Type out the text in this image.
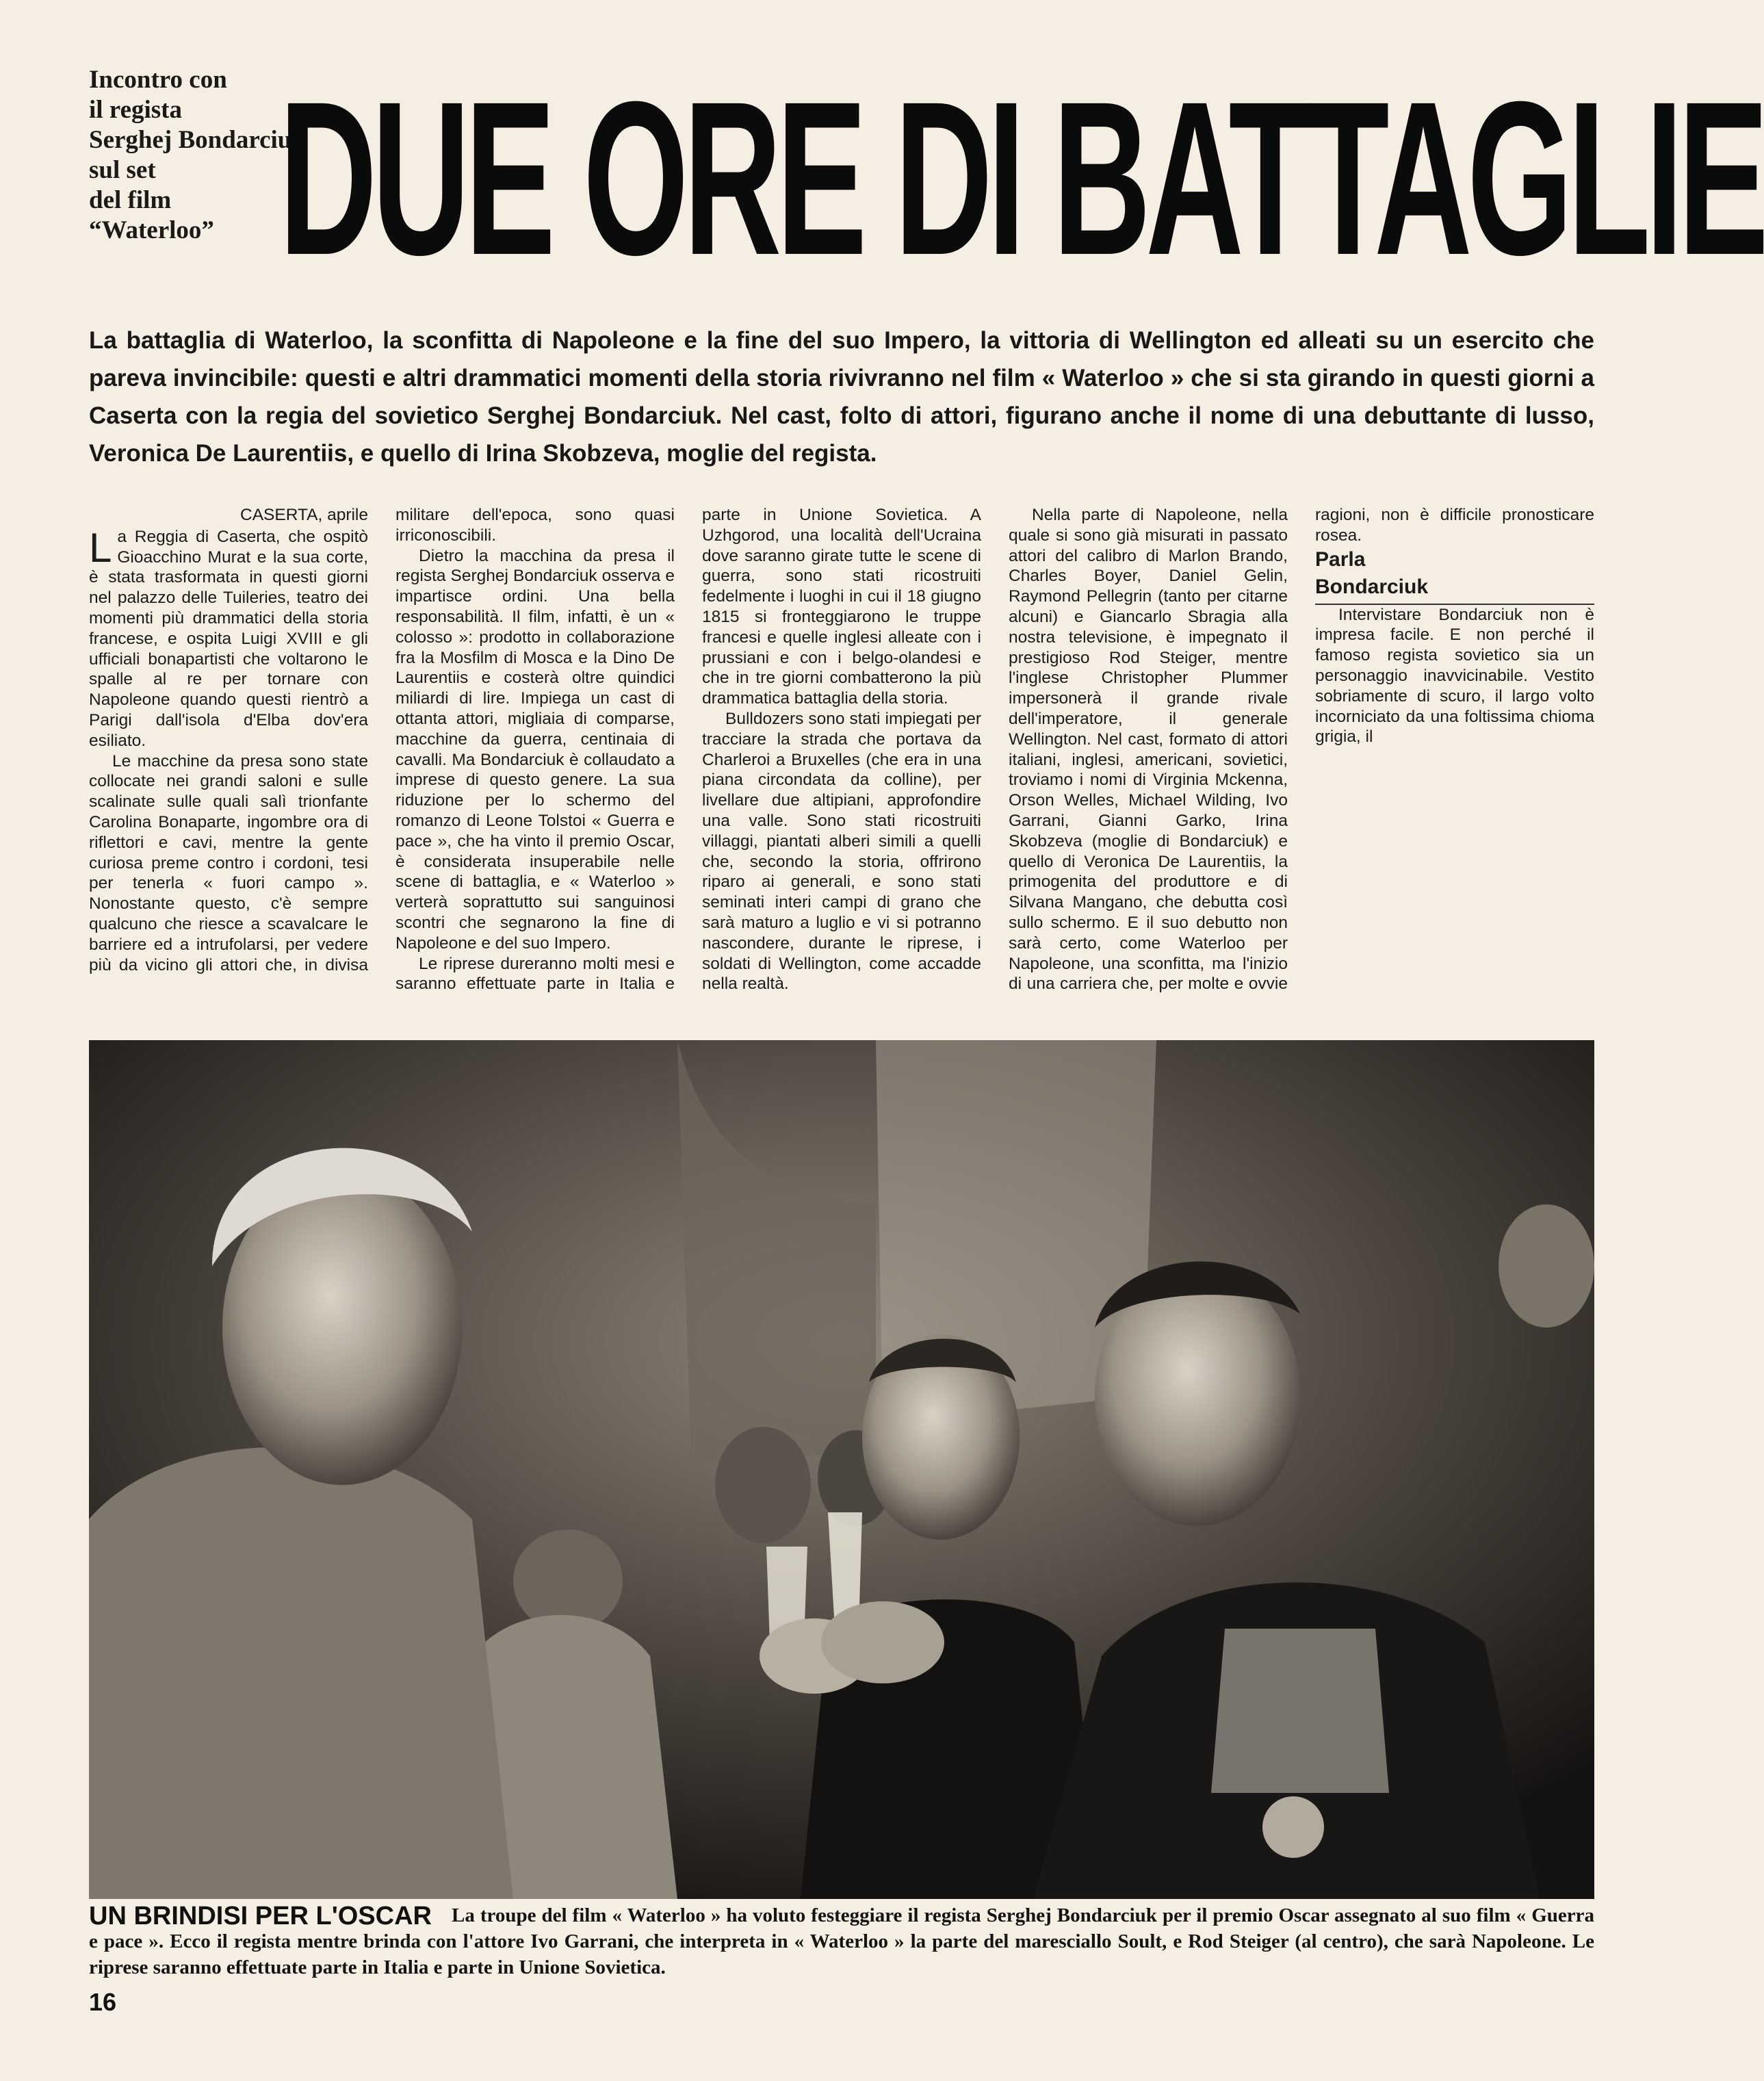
Incontro con
il regista
Serghej Bondarciuk
sul set
del film
“Waterloo” DUE ORE DI BATTAGLIE
La battaglia di Waterloo, la sconfitta di Napoleone e la fine del suo Impero, la vittoria di Wellington ed alleati su un esercito che pareva invincibile: questi e altri drammatici momenti della storia rivivranno nel film « Waterloo » che si sta girando in questi giorni a Caserta con la regia del sovietico Serghej Bondarciuk. Nel cast, folto di attori, figurano anche il nome di una debuttante di lusso, Veronica De Laurentiis, e quello di Irina Skobzeva, moglie del regista.
CASERTA, aprile

La Reggia di Caserta, che ospitò Gioacchino Murat e la sua corte, è stata trasformata in questi giorni nel palazzo delle Tuileries, teatro dei momenti più drammatici della storia francese, e ospita Luigi XVIII e gli ufficiali bonapartisti che voltarono le spalle al re per tornare con Napoleone quando questi rientrò a Parigi dall'isola d'Elba dov'era esiliato.

Le macchine da presa sono state collocate nei grandi saloni e sulle scalinate sulle quali salì trionfante Carolina Bonaparte, ingombre ora di riflettori e cavi, mentre la gente curiosa preme contro i cordoni, tesi per tenerla « fuori campo ». Nonostante questo, c'è sempre qualcuno che riesce a scavalcare le barriere ed a intrufolarsi, per vedere più da vicino gli attori che, in divisa militare dell'epoca, sono quasi irriconoscibili.

Dietro la macchina da presa il regista Serghej Bondarciuk osserva e impartisce ordini. Una bella responsabilità. Il film, infatti, è un « colosso »: prodotto in collaborazione fra la Mosfilm di Mosca e la Dino De Laurentiis e costerà oltre quindici miliardi di lire. Impiega un cast di ottanta attori, migliaia di comparse, macchine da guerra, centinaia di cavalli. Ma Bondarciuk è collaudato a imprese di questo genere. La sua riduzione per lo schermo del romanzo di Leone Tolstoi « Guerra e pace », che ha vinto il premio Oscar, è considerata insuperabile nelle scene di battaglia, e « Waterloo » verterà soprattutto sui sanguinosi scontri che segnarono la fine di Napoleone e del suo Impero.

Le riprese dureranno molti mesi e saranno effettuate parte in Italia e parte in Unione Sovietica. A Uzhgorod, una località dell'Ucraina dove saranno girate tutte le scene di guerra, sono stati ricostruiti fedelmente i luoghi in cui il 18 giugno 1815 si fronteggiarono le truppe francesi e quelle inglesi alleate con i prussiani e con i belgo-olandesi e che in tre giorni combatterono la più drammatica battaglia della storia.

Bulldozers sono stati impiegati per tracciare la strada che portava da Charleroi a Bruxelles (che era in una piana circondata da colline), per livellare due altipiani, approfondire una valle. Sono stati ricostruiti villaggi, piantati alberi simili a quelli che, secondo la storia, offrirono riparo ai generali, e sono stati seminati interi campi di grano che sarà maturo a luglio e vi si potranno nascondere, durante le riprese, i soldati di Wellington, come accadde nella realtà.

Nella parte di Napoleone, nella quale si sono già misurati in passato attori del calibro di Marlon Brando, Charles Boyer, Daniel Gelin, Raymond Pellegrin (tanto per citarne alcuni) e Giancarlo Sbragia alla nostra televisione, è impegnato il prestigioso Rod Steiger, mentre l'inglese Christopher Plummer impersonerà il grande rivale dell'imperatore, il generale Wellington. Nel cast, formato di attori italiani, inglesi, americani, sovietici, troviamo i nomi di Virginia Mckenna, Orson Welles, Michael Wilding, Ivo Garrani, Gianni Garko, Irina Skobzeva (moglie di Bondarciuk) e quello di Veronica De Laurentiis, la primogenita del produttore e di Silvana Mangano, che debutta così sullo schermo. E il suo debutto non sarà certo, come Waterloo per Napoleone, una sconfitta, ma l'inizio di una carriera che, per molte e ovvie ragioni, non è difficile pronosticare rosea.

Parla

Bondarciuk

Intervistare Bondarciuk non è impresa facile. E non perché il famoso regista sovietico sia un personaggio inavvicinabile. Vestito sobriamente di scuro, il largo volto incorniciato da una foltissima chioma grigia, il

La troupe del film « Waterloo » ha voluto festeggiare il regista Serghej Bondarciuk per il premio Oscar assegnato al suo film « Guerra e pace ». Ecco il regista mentre brinda con l'attore Ivo Garrani, che interpreta in « Waterloo » la parte del maresciallo Soult, e Rod Steiger (al centro), che sarà Napoleone. Le riprese saranno effettuate parte in Italia e parte in Unione Sovietica.
UN BRINDISI PER L'OSCAR
16
